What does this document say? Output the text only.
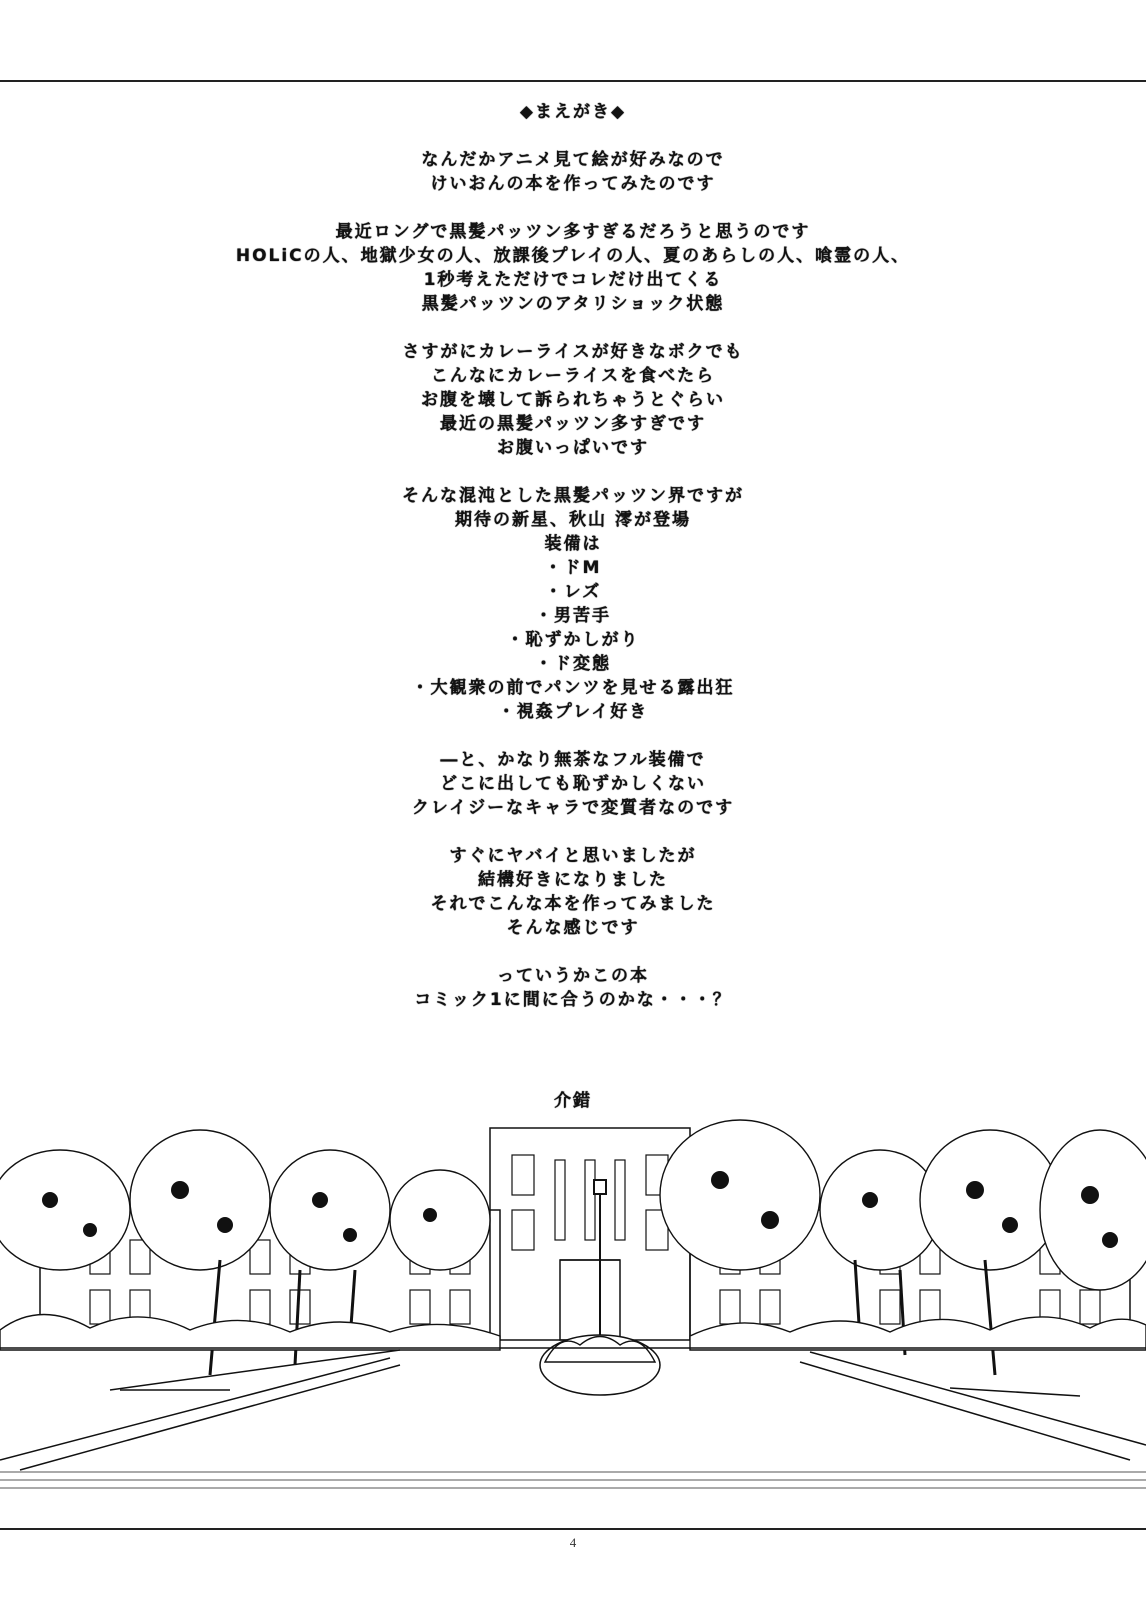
◆まえがき◆
なんだかアニメ見て絵が好みなので
けいおんの本を作ってみたのです
最近ロングで黒髪パッツン多すぎるだろうと思うのです
HOLiCの人、地獄少女の人、放課後プレイの人、夏のあらしの人、喰霊の人、
1秒考えただけでコレだけ出てくる
黒髪パッツンのアタリショック状態
さすがにカレーライスが好きなボクでも
こんなにカレーライスを食べたら
お腹を壊して訴られちゃうとぐらい
最近の黒髪パッツン多すぎです
お腹いっぱいです
そんな混沌とした黒髪パッツン界ですが
期待の新星、秋山 澪が登場
装備は
・ドM
・レズ
・男苦手
・恥ずかしがり
・ド変態
・大観衆の前でパンツを見せる露出狂
・視姦プレイ好き
―と、かなり無茶なフル装備で
どこに出しても恥ずかしくない
クレイジーなキャラで変質者なのです
すぐにヤバイと思いましたが
結構好きになりました
それでこんな本を作ってみました
そんな感じです
っていうかこの本
コミック1に間に合うのかな・・・？
介錯
4
